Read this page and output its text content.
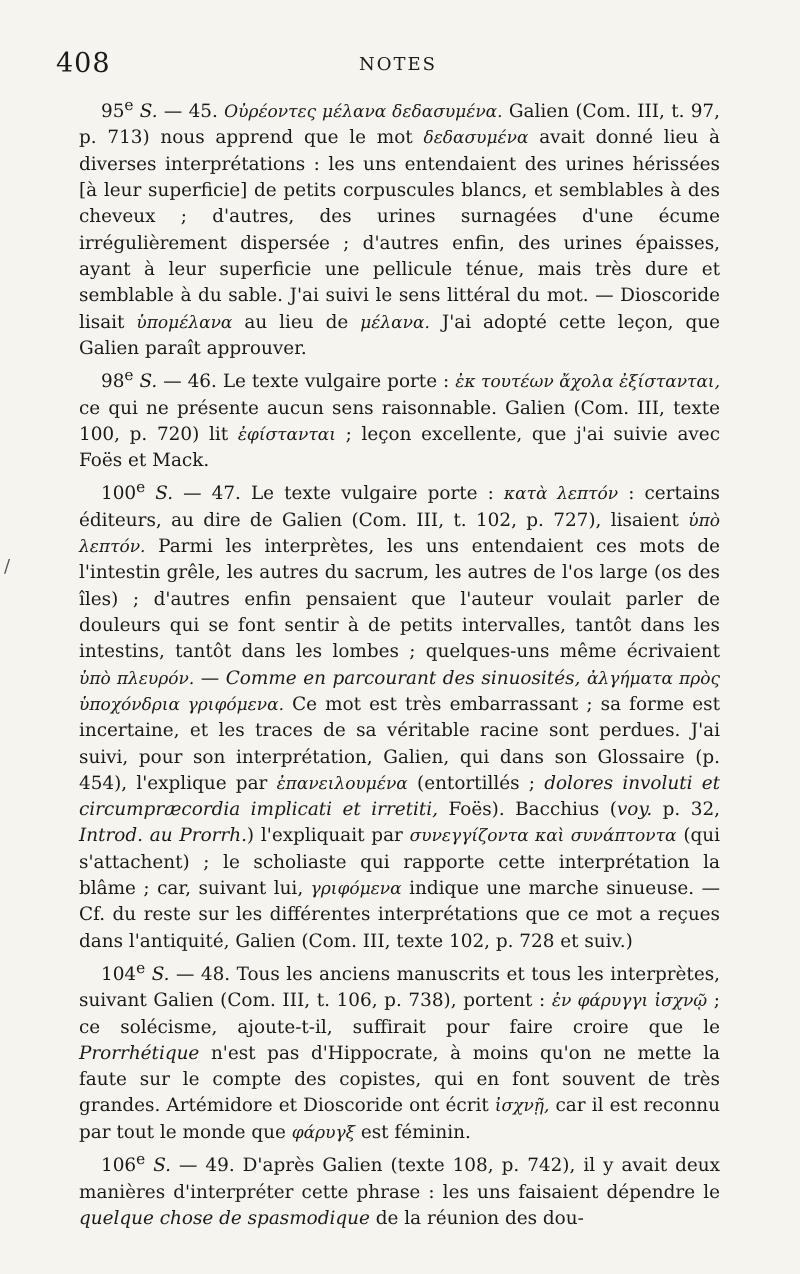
408	NOTES
/

95e S. — 45. Οὐρέοντες μέλανα δεδασυμένα. Galien (Com. III, t. 97, p. 713) nous apprend que le mot δεδασυμένα avait donné lieu à diverses interprétations : les uns entendaient des urines hérissées [à leur superficie] de petits corpuscules blancs, et semblables à des cheveux ; d'autres, des urines surnagées d'une écume irrégulièrement dispersée ; d'autres enfin, des urines épaisses, ayant à leur superficie une pellicule ténue, mais très dure et semblable à du sable. J'ai suivi le sens littéral du mot. — Dioscoride lisait ὑπομέλανα au lieu de μέλανα. J'ai adopté cette leçon, que Galien paraît approuver.

98e S. — 46. Le texte vulgaire porte : ἐκ τουτέων ἄχολα ἐξίστανται, ce qui ne présente aucun sens raisonnable. Galien (Com. III, texte 100, p. 720) lit ἐφίστανται ; leçon excellente, que j'ai suivie avec Foës et Mack.

100e S. — 47. Le texte vulgaire porte : κατὰ λεπτόν : certains éditeurs, au dire de Galien (Com. III, t. 102, p. 727), lisaient ὑπὸ λεπτόν. Parmi les interprètes, les uns entendaient ces mots de l'intestin grêle, les autres du sacrum, les autres de l'os large (os des îles) ; d'autres enfin pensaient que l'auteur voulait parler de douleurs qui se font sentir à de petits intervalles, tantôt dans les intestins, tantôt dans les lombes ; quelques-uns même écrivaient ὑπὸ πλευρόν. — Comme en parcourant des sinuosités, ἀλγήματα πρὸς ὑποχόνδρια γριφόμενα. Ce mot est très embarrassant ; sa forme est incertaine, et les traces de sa véritable racine sont perdues. J'ai suivi, pour son interprétation, Galien, qui dans son Glossaire (p. 454), l'explique par ἐπανειλουμένα (entortillés ; dolores involuti et circumpræcordia implicati et irretiti, Foës). Bacchius (voy. p. 32, Introd. au Prorrh.) l'expliquait par συνεγγίζοντα καὶ συνάπτοντα (qui s'attachent) ; le scholiaste qui rapporte cette interprétation la blâme ; car, suivant lui, γριφόμενα indique une marche sinueuse. — Cf. du reste sur les différentes interprétations que ce mot a reçues dans l'antiquité, Galien (Com. III, texte 102, p. 728 et suiv.)

104e S. — 48. Tous les anciens manuscrits et tous les interprètes, suivant Galien (Com. III, t. 106, p. 738), portent : ἐν φάρυγγι ἰσχνῷ ; ce solécisme, ajoute-t-il, suffirait pour faire croire que le Prorrhétique n'est pas d'Hippocrate, à moins qu'on ne mette la faute sur le compte des copistes, qui en font souvent de très grandes. Artémidore et Dioscoride ont écrit ἰσχνῇ, car il est reconnu par tout le monde que φάρυγξ est féminin.

106e S. — 49. D'après Galien (texte 108, p. 742), il y avait deux manières d'interpréter cette phrase : les uns faisaient dépendre le quelque chose de spasmodique de la réunion des dou-
